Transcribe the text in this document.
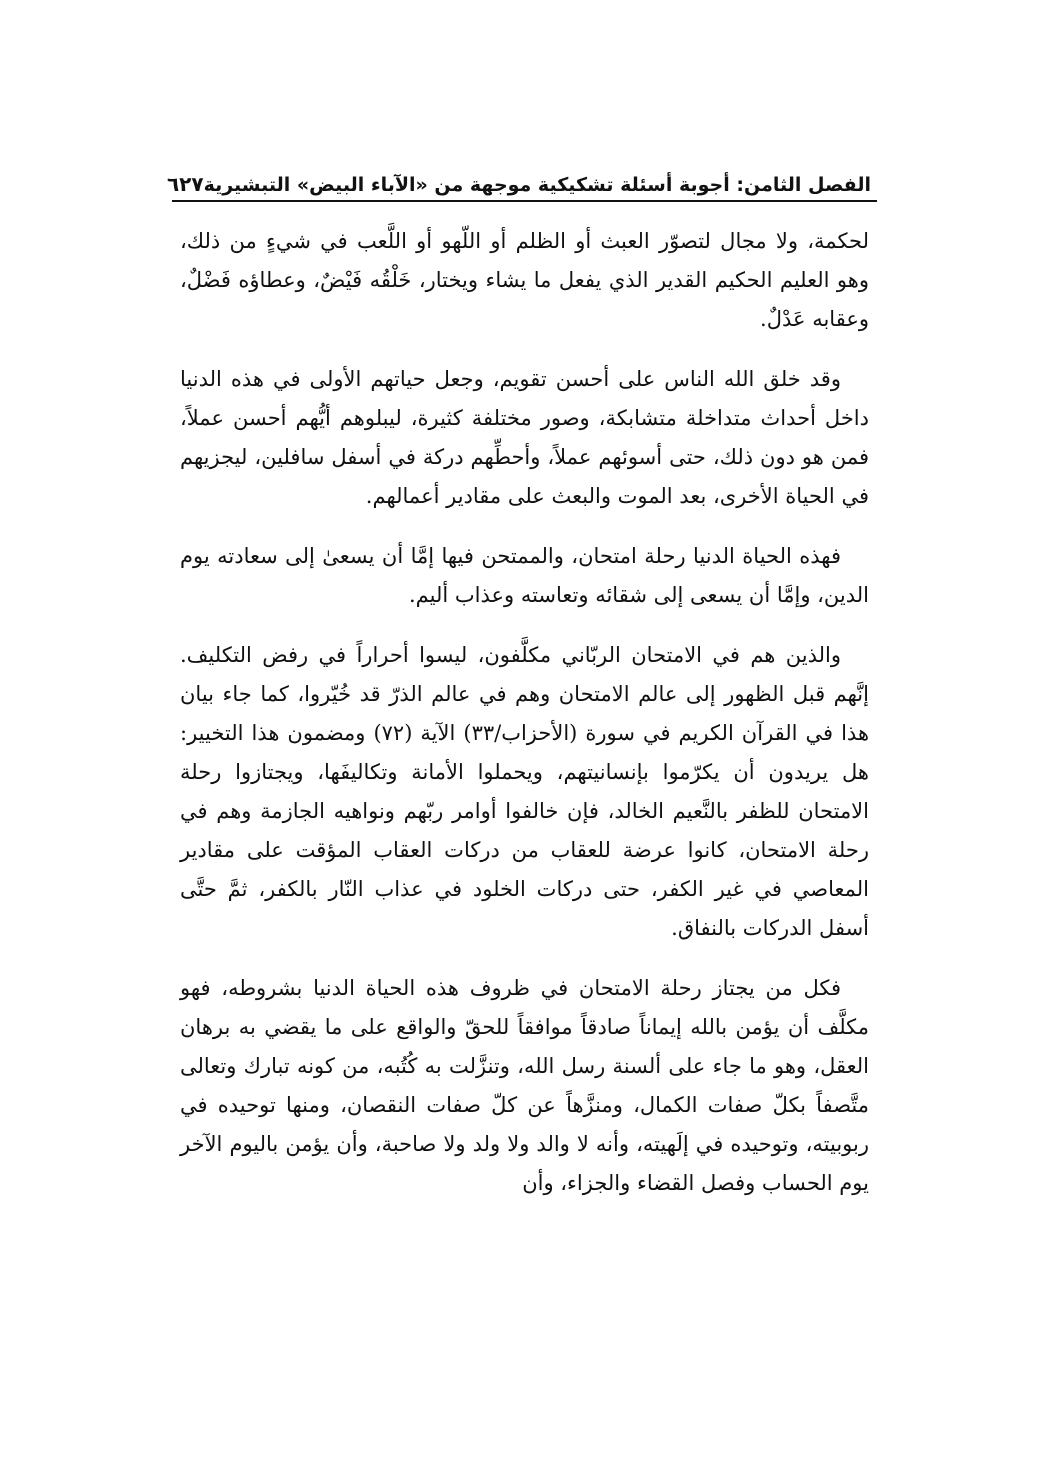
الفصل الثامن: أجوبة أسئلة تشكيكية موجهة من «الآباء البيض» التبشيرية
٦٢٧

لحكمة، ولا مجال لتصوّر العبث أو الظلم أو اللّهو أو اللَّعب في شيءٍ من ذلك، وهو العليم الحكيم القدير الذي يفعل ما يشاء ويختار، خَلْقُه فَيْضٌ، وعطاؤه فَضْلٌ، وعقابه عَدْلٌ.

وقد خلق الله الناس على أحسن تقويم، وجعل حياتهم الأولى في هذه الدنيا داخل أحداث متداخلة متشابكة، وصور مختلفة كثيرة، ليبلوهم أيُّهم أحسن عملاً، فمن هو دون ذلك، حتى أسوئهم عملاً، وأحطِّهم دركة في أسفل سافلين، ليجزيهم في الحياة الأخرى، بعد الموت والبعث على مقادير أعمالهم.

فهذه الحياة الدنيا رحلة امتحان، والممتحن فيها إمَّا أن يسعىٰ إلى سعادته يوم الدين، وإمَّا أن يسعى إلى شقائه وتعاسته وعذاب أليم.

والذين هم في الامتحان الربّاني مكلَّفون، ليسوا أحراراً في رفض التكليف. إنَّهم قبل الظهور إلى عالم الامتحان وهم في عالم الذرّ قد خُيّروا، كما جاء بيان هذا في القرآن الكريم في سورة (الأحزاب/٣٣) الآية (٧٢) ومضمون هذا التخيير: هل يريدون أن يكرّموا بإنسانيتهم، ويحملوا الأمانة وتكاليفَها، ويجتازوا رحلة الامتحان للظفر بالنَّعيم الخالد، فإن خالفوا أوامر ربّهم ونواهيه الجازمة وهم في رحلة الامتحان، كانوا عرضة للعقاب من دركات العقاب المؤقت على مقادير المعاصي في غير الكفر، حتى دركات الخلود في عذاب النّار بالكفر، ثمَّ حتَّى أسفل الدركات بالنفاق.

فكل من يجتاز رحلة الامتحان في ظروف هذه الحياة الدنيا بشروطه، فهو مكلَّف أن يؤمن بالله إيماناً صادقاً موافقاً للحقّ والواقع على ما يقضي به برهان العقل، وهو ما جاء على ألسنة رسل الله، وتنزَّلت به كُتُبه، من كونه تبارك وتعالى متَّصفاً بكلّ صفات الكمال، ومنزَّهاً عن كلّ صفات النقصان، ومنها توحيده في ربوبيته، وتوحيده في إلَهيته، وأنه لا والد ولا ولد ولا صاحبة، وأن يؤمن باليوم الآخر يوم الحساب وفصل القضاء والجزاء، وأن
